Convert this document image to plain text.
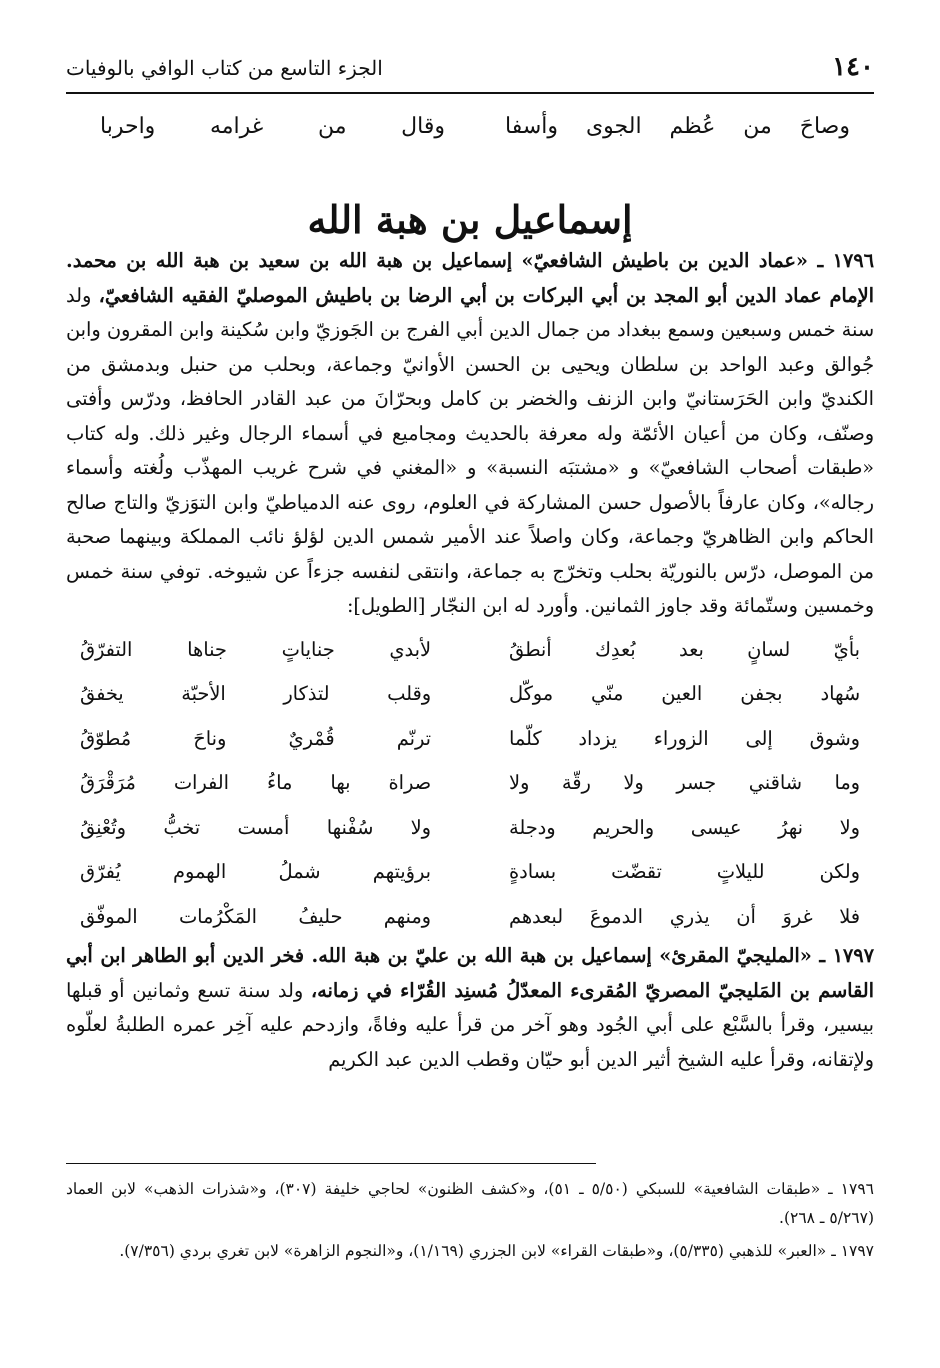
١٤٠
الجزء التاسع من كتاب الوافي بالوفيات
وصاحَ من عُظم الجوى وأسفا
وقال من غرامه واحربا
إسماعيل بن هبة الله

١٧٩٦ ـ «عماد الدين بن باطيش الشافعيّ» إسماعيل بن هبة الله بن سعيد بن هبة الله بن محمد. الإمام عماد الدين أبو المجد بن أبي البركات بن أبي الرضا بن باطيش الموصليّ الفقيه الشافعيّ، ولد سنة خمس وسبعين وسمع ببغداد من جمال الدين أبي الفرج بن الجَوزيّ وابن سُكينة وابن المقرون وابن جُوالق وعبد الواحد بن سلطان ويحيى بن الحسن الأوانيّ وجماعة، وبحلب من حنبل وبدمشق من الكنديّ وابن الحَرَستانيّ وابن الزنف والخضر بن كامل وبحرّانَ من عبد القادر الحافظ، ودرّس وأفتى وصنّف، وكان من أعيان الأئمّة وله معرفة بالحديث ومجاميع في أسماء الرجال وغير ذلك. وله كتاب «طبقات أصحاب الشافعيّ» و «مشتبَه النسبة» و «المغني في شرح غريب المهذّب ولُغته وأسماء رجاله»، وكان عارفاً بالأصول حسن المشاركة في العلوم، روى عنه الدمياطيّ وابن التوَزيّ والتاج صالح الحاكم وابن الظاهريّ وجماعة، وكان واصلاً عند الأمير شمس الدين لؤلؤ نائب المملكة وبينهما صحبة من الموصل، درّس بالنوريّة بحلب وتخرّج به جماعة، وانتقى لنفسه جزءاً عن شيوخه. توفي سنة خمس وخمسين وستّمائة وقد جاوز الثمانين. وأورد له ابن النجّار [الطويل]:

بأيّ لسانٍ بعد بُعدِك أنطقُ
لأبدي جناياتٍ جناها التفرّقُ
سُهاد بجفن العين منّي موكّل
وقلب لتذكار الأحبّة يخفقُ
وشوق إلى الزوراء يزداد كلّما
ترنّم قُمْريٌ وناحَ مُطوّقُ
وما شاقني جسر ولا رقّة ولا
صراة بها ماءُ الفرات مُرَقْرَقُ
ولا نهرُ عيسى والحريم ودجلة
ولا سُفْنها أمست تخبُّ وتُعْنِقُ
ولكن لليلاتٍ تقضّت بسادةٍ
برؤيتهم شملُ الهموم يُفرّق
فلا غروَ أن يذري الدموعَ لبعدهم
ومنهم حليفُ المَكْرُمات الموفّق

١٧٩٧ ـ «المليجيّ المقرئ» إسماعيل بن هبة الله بن عليّ بن هبة الله. فخر الدين أبو الطاهر ابن أبي القاسم بن المَليجيّ المصريّ المُقرىء المعدّلُ مُسنِد القُرّاء في زمانه، ولد سنة تسع وثمانين أو قبلها بيسير، وقرأ بالسَّبْع على أبي الجُود وهو آخر من قرأ عليه وفاةً، وازدحم عليه آخِر عمره الطلبةُ لعلّوه ولإتقانه، وقرأ عليه الشيخ أثير الدين أبو حيّان وقطب الدين عبد الكريم

١٧٩٦ ـ «طبقات الشافعية» للسبكي (٥/٥٠ ـ ٥١)، و«كشف الظنون» لحاجي خليفة (٣٠٧)، و«شذرات الذهب» لابن العماد (٥/٢٦٧ ـ ٢٦٨).

١٧٩٧ ـ «العبر» للذهبي (٥/٣٣٥)، و«طبقات القراء» لابن الجزري (١/١٦٩)، و«النجوم الزاهرة» لابن تغري بردي (٧/٣٥٦).
